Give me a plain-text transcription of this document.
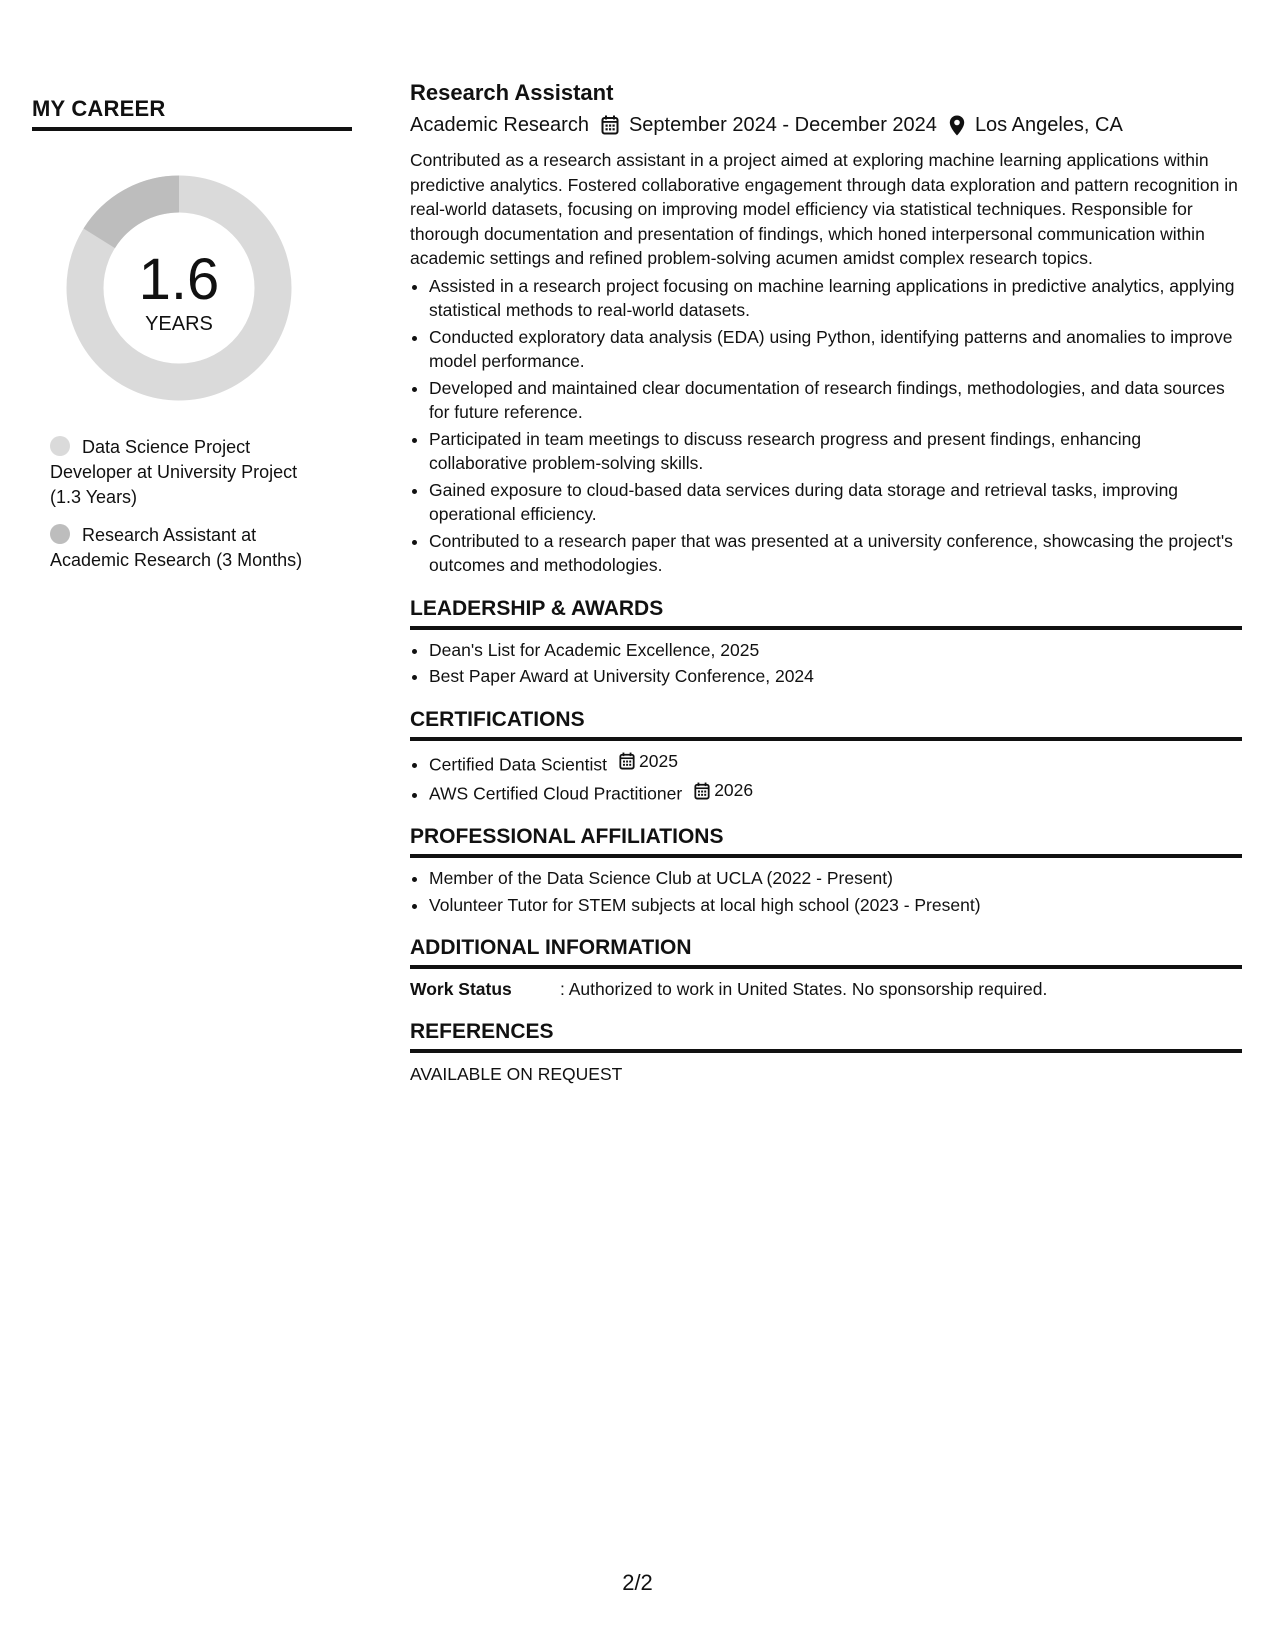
MY CAREER
1.6
YEARS
Data Science Project Developer at University Project (1.3 Years)
Research Assistant at Academic Research (3 Months)
Research Assistant
Academic Research September 2024 - December 2024 Los Angeles, CA

Contributed as a research assistant in a project aimed at exploring machine learning applications within predictive analytics. Fostered collaborative engagement through data exploration and pattern recognition in real-world datasets, focusing on improving model efficiency via statistical techniques. Responsible for thorough documentation and presentation of findings, which honed interpersonal communication within academic settings and refined problem-solving acumen amidst complex research topics.

• Assisted in a research project focusing on machine learning applications in predictive analytics, applying statistical methods to real-world datasets.
• Conducted exploratory data analysis (EDA) using Python, identifying patterns and anomalies to improve model performance.
• Developed and maintained clear documentation of research findings, methodologies, and data sources for future reference.
• Participated in team meetings to discuss research progress and present findings, enhancing collaborative problem-solving skills.
• Gained exposure to cloud-based data services during data storage and retrieval tasks, improving operational efficiency.
• Contributed to a research paper that was presented at a university conference, showcasing the project's outcomes and methodologies.
LEADERSHIP & AWARDS
• Dean's List for Academic Excellence, 2025
• Best Paper Award at University Conference, 2024
CERTIFICATIONS
• Certified Data Scientist 2025
• AWS Certified Cloud Practitioner 2026
PROFESSIONAL AFFILIATIONS
• Member of the Data Science Club at UCLA (2022 - Present)
• Volunteer Tutor for STEM subjects at local high school (2023 - Present)
ADDITIONAL INFORMATION
Work Status	: Authorized to work in United States. No sponsorship required.
REFERENCES
AVAILABLE ON REQUEST
2/2
